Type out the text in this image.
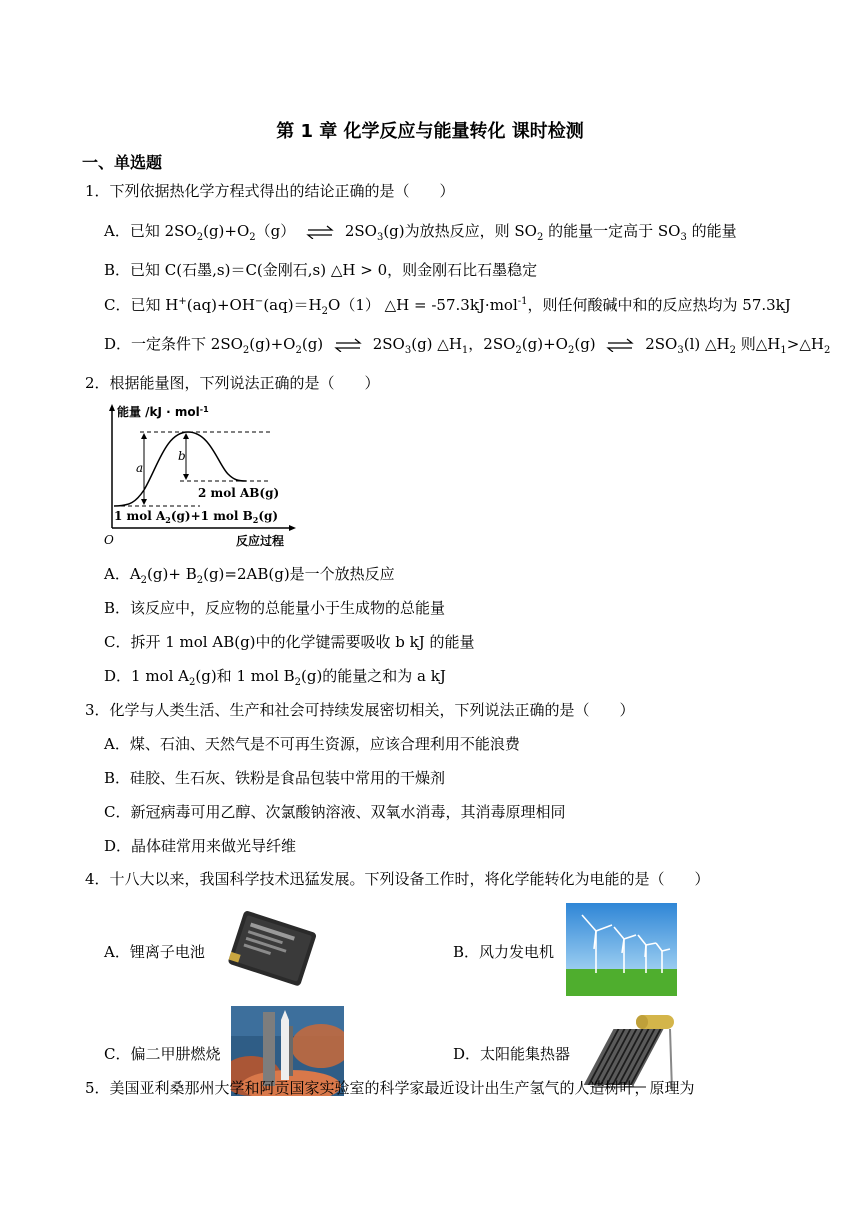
第 1 章 化学反应与能量转化 课时检测
一、单选题
1．下列依据热化学方程式得出的结论正确的是（　　）
A．已知 $2SO_2(g)+O_2(g)$ ⇌ $2SO_3(g)$为放热反应，则 $SO_2$ 的能量一定高于 $SO_3$ 的能量
B．已知 C(石墨,s)＝C(金刚石,s) △H > 0，则金刚石比石墨稳定
C．已知 $H^+(aq)+OH^-(aq)=H_2O(1)$ △H = -57.3kJ·mol$^{-1}$，则任何酸碱中和的反应热均为 57.3kJ
D．一定条件下 $2SO_2(g)+O_2(g)$ ⇌ $2SO_3(g)$ $\triangle H_1$，$2SO_2(g)+O_2(g)$ ⇌ $2SO_3(l)$ $\triangle H_2$ 则$\triangle H_1>\triangle H_2$
2．根据能量图，下列说法正确的是（　　）
能量 /kJ · mol$^{-1}$
a
b
2 mol AB(g)
1 mol $A_2(g)+1$ mol $B_2(g)$
O	反应过程
A．$A_2(g)+ B_2(g)=2AB(g)$是一个放热反应
B．该反应中，反应物的总能量小于生成物的总能量
C．拆开 1 mol AB(g)中的化学键需要吸收 b kJ 的能量
D．1 mol $A_2(g)$和 1 mol $B_2(g)$的能量之和为 a kJ
3．化学与人类生活、生产和社会可持续发展密切相关，下列说法正确的是（　　）
A．煤、石油、天然气是不可再生资源，应该合理利用不能浪费
B．硅胶、生石灰、铁粉是食品包装中常用的干燥剂
C．新冠病毒可用乙醇、次氯酸钠溶液、双氧水消毒，其消毒原理相同
D．晶体硅常用来做光导纤维
4．十八大以来，我国科学技术迅猛发展。下列设备工作时，将化学能转化为电能的是（　　）
A．锂离子电池	B．风力发电机
C．偏二甲肼燃烧	D．太阳能集热器
5．美国亚利桑那州大学和阿贡国家实验室的科学家最近设计出生产氢气的人造树叶，原理为
